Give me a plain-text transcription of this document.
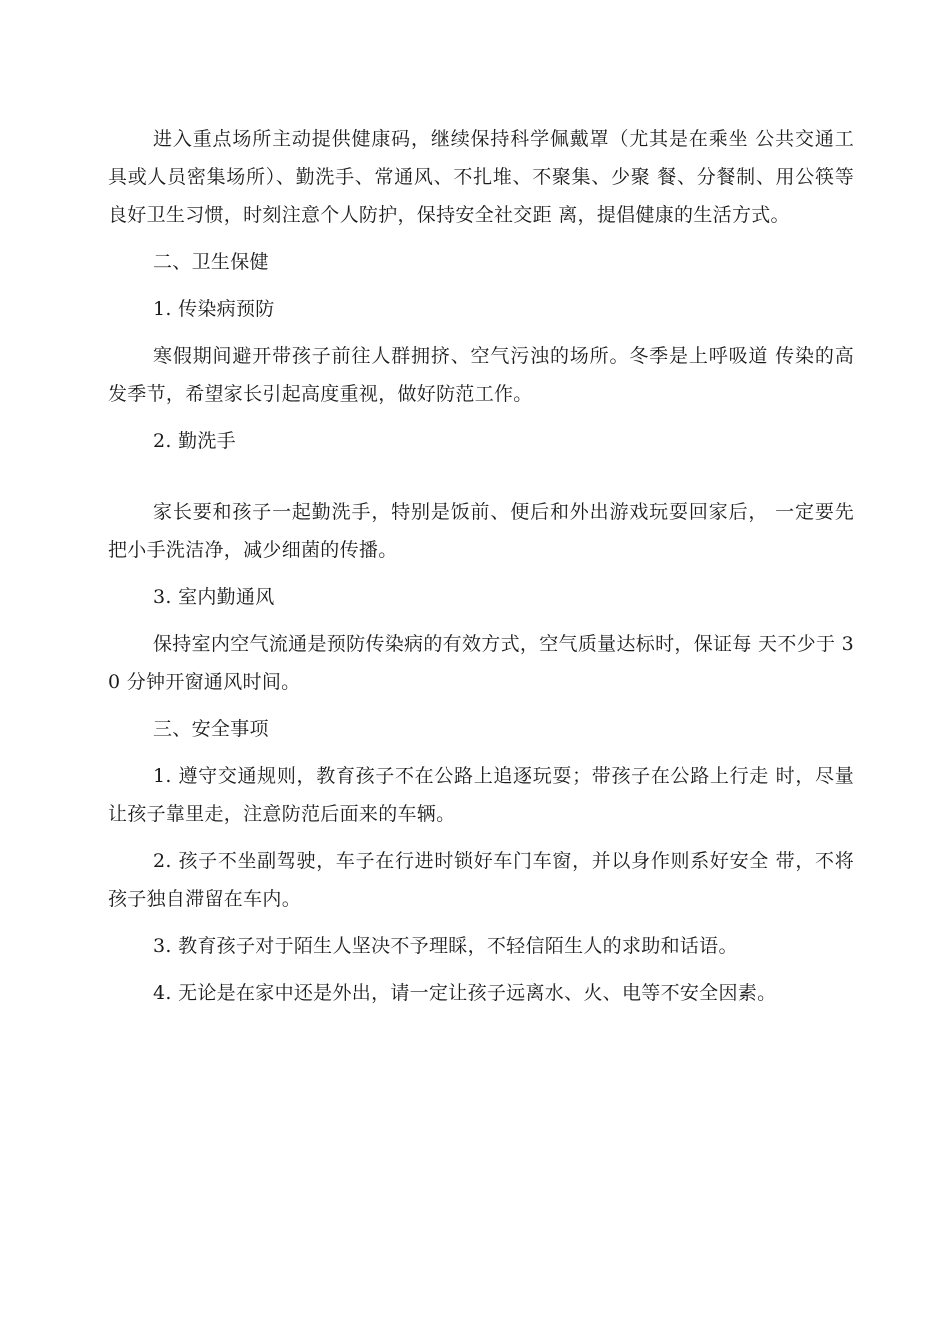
进入重点场所主动提供健康码，继续保持科学佩戴罩（尤其是在乘坐 公共交通工具或人员密集场所）、勤洗手、常通风、不扎堆、不聚集、少聚 餐、分餐制、用公筷等良好卫生习惯，时刻注意个人防护，保持安全社交距 离，提倡健康的生活方式。

二、卫生保健

1. 传染病预防

寒假期间避开带孩子前往人群拥挤、空气污浊的场所。冬季是上呼吸道 传染的高发季节，希望家长引起高度重视，做好防范工作。

2. 勤洗手

家长要和孩子一起勤洗手，特别是饭前、便后和外出游戏玩耍回家后， 一定要先把小手洗洁净，减少细菌的传播。

3. 室内勤通风

保持室内空气流通是预防传染病的有效方式，空气质量达标时，保证每 天不少于 30 分钟开窗通风时间。

三、安全事项

1. 遵守交通规则，教育孩子不在公路上追逐玩耍；带孩子在公路上行走 时，尽量让孩子靠里走，注意防范后面来的车辆。

2. 孩子不坐副驾驶，车子在行进时锁好车门车窗，并以身作则系好安全 带，不将孩子独自滞留在车内。

3. 教育孩子对于陌生人坚决不予理睬，不轻信陌生人的求助和话语。

4. 无论是在家中还是外出，请一定让孩子远离水、火、电等不安全因素。
